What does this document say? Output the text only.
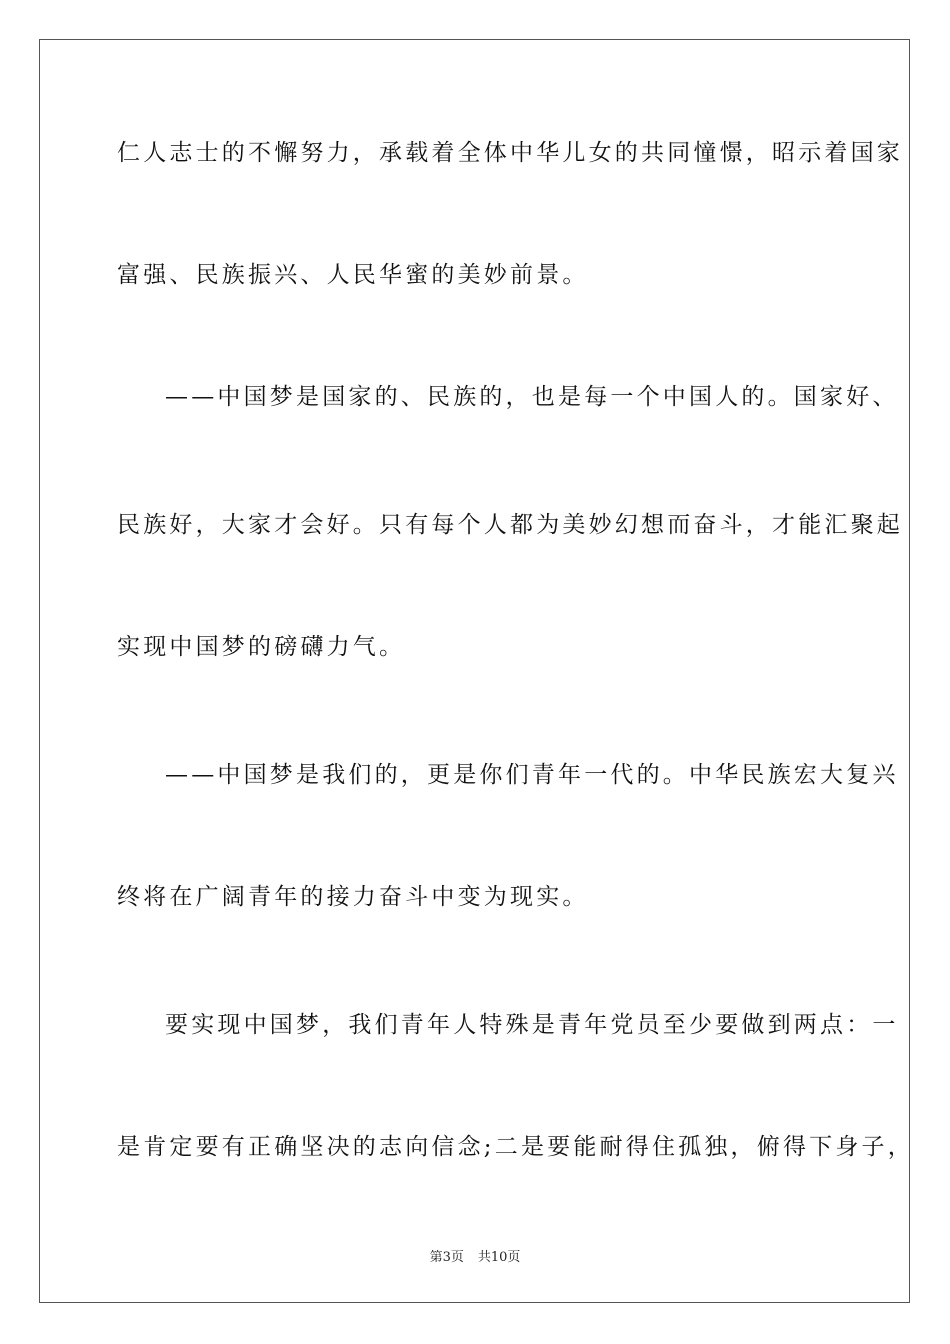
仁人志士的不懈努力，承载着全体中华儿女的共同憧憬，昭示着国家
富强、民族振兴、人民华蜜的美妙前景。
——中国梦是国家的、民族的，也是每一个中国人的。国家好、
民族好，大家才会好。只有每个人都为美妙幻想而奋斗，才能汇聚起
实现中国梦的磅礴力气。
——中国梦是我们的，更是你们青年一代的。中华民族宏大复兴
终将在广阔青年的接力奋斗中变为现实。
要实现中国梦，我们青年人特殊是青年党员至少要做到两点：一
是肯定要有正确坚决的志向信念;二是要能耐得住孤独，俯得下身子，
第3页 共10页
